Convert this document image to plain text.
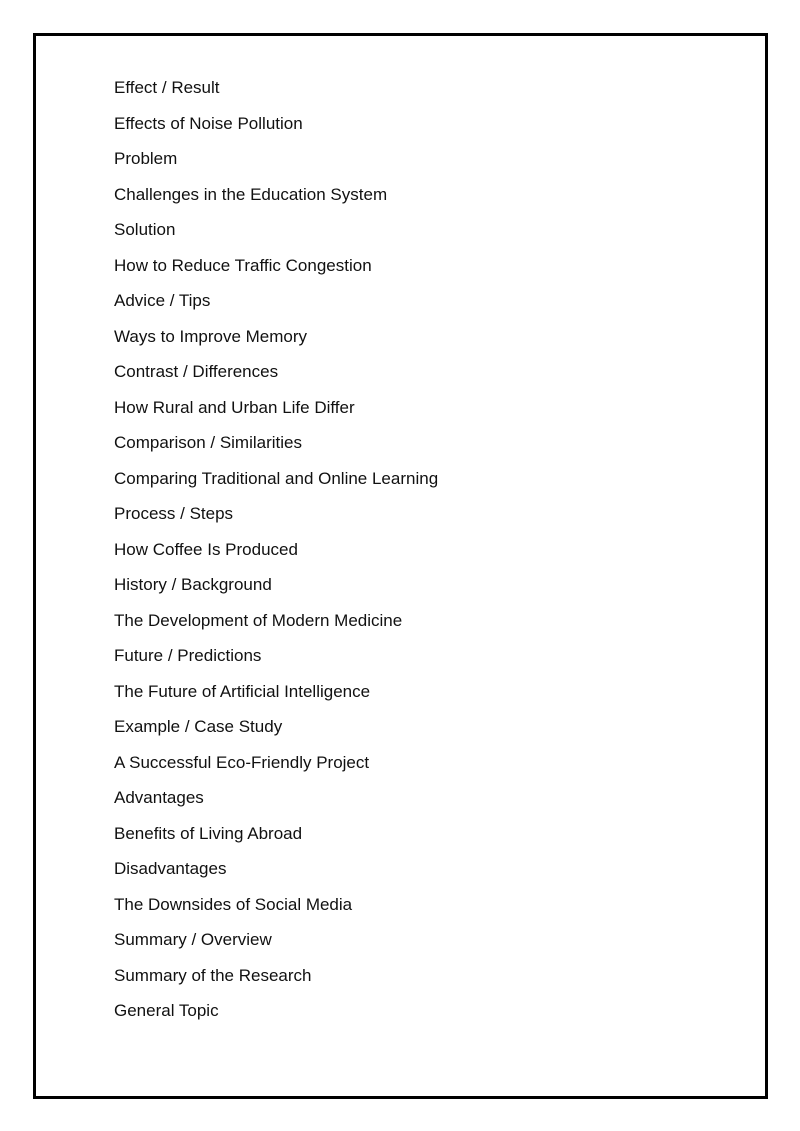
Effect / Result
Effects of Noise Pollution
Problem
Challenges in the Education System
Solution
How to Reduce Traffic Congestion
Advice / Tips
Ways to Improve Memory
Contrast / Differences
How Rural and Urban Life Differ
Comparison / Similarities
Comparing Traditional and Online Learning
Process / Steps
How Coffee Is Produced
History / Background
The Development of Modern Medicine
Future / Predictions
The Future of Artificial Intelligence
Example / Case Study
A Successful Eco-Friendly Project
Advantages
Benefits of Living Abroad
Disadvantages
The Downsides of Social Media
Summary / Overview
Summary of the Research
General Topic
